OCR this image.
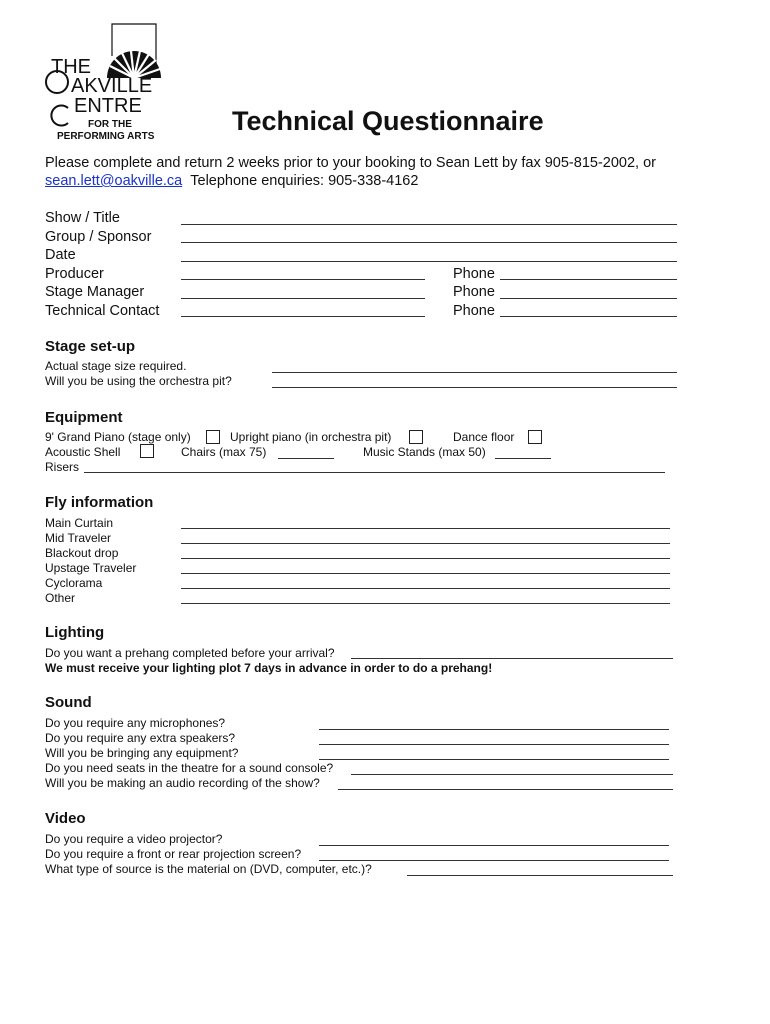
THE
AKVILLE
ENTRE
FOR THE
PERFORMING ARTS
Technical Questionnaire
Please complete and return 2 weeks prior to your booking to Sean Lett by fax 905-815-2002, or
sean.lett@oakville.ca Telephone enquiries: 905-338-4162
Show / Title
Group / Sponsor
Date
Producer	Phone
Stage Manager	Phone
Technical Contact	Phone
Stage set-up
Actual stage size required.
Will you be using the orchestra pit?
Equipment
9' Grand Piano (stage only)	Upright piano (in orchestra pit)	Dance floor
Acoustic Shell	Chairs (max 75)	Music Stands (max 50)
Risers
Fly information
Main Curtain
Mid Traveler
Blackout drop
Upstage Traveler
Cyclorama
Other
Lighting
Do you want a prehang completed before your arrival?
We must receive your lighting plot 7 days in advance in order to do a prehang!
Sound
Do you require any microphones?
Do you require any extra speakers?
Will you be bringing any equipment?
Do you need seats in the theatre for a sound console?
Will you be making an audio recording of the show?
Video
Do you require a video projector?
Do you require a front or rear projection screen?
What type of source is the material on (DVD, computer, etc.)?
